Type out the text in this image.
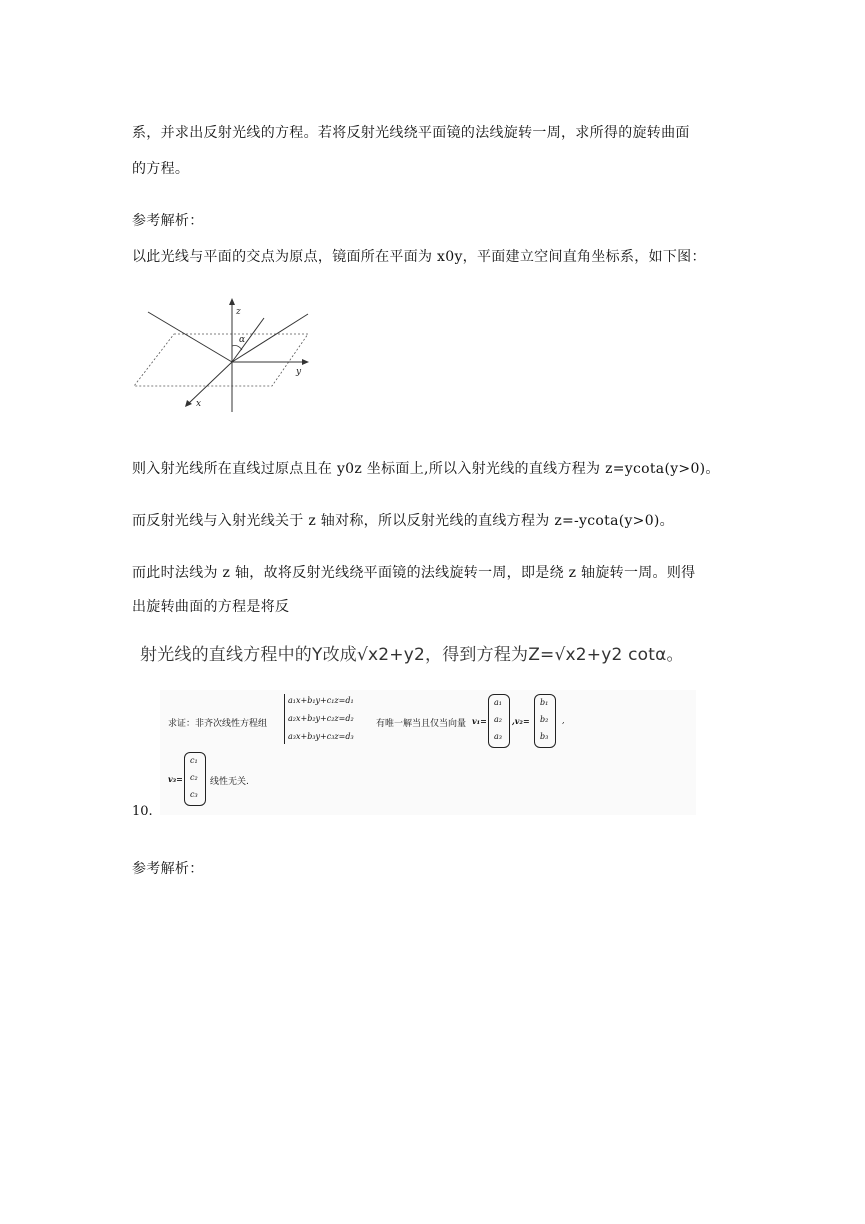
系，并求出反射光线的方程。若将反射光线绕平面镜的法线旋转一周，求所得的旋转曲面
的方程。
参考解析：
以此光线与平面的交点为原点，镜面所在平面为 x0y，平面建立空间直角坐标系，如下图：
z
y
x
α
则入射光线所在直线过原点且在 y0z 坐标面上,所以入射光线的直线方程为 z=ycota(y>0)。
而反射光线与入射光线关于 z 轴对称，所以反射光线的直线方程为 z=-ycota(y>0)。
而此时法线为 z 轴，故将反射光线绕平面镜的法线旋转一周，即是绕 z 轴旋转一周。则得
出旋转曲面的方程是将反
射光线的直线方程中的Y改成√x2+y2，得到方程为Z=√x2+y2 cotα。
求证：非齐次线性方程组
a₁x+b₁y+c₁z=d₁
a₂x+b₂y+c₂z=d₂
a₃x+b₃y+c₃z=d₃
有唯一解当且仅当向量 v₁=
a₁
a₂
a₃
,v₂=
b₁
b₂
b₃
,
v₃=
c₁
c₂
c₃
线性无关.
10.
参考解析：
